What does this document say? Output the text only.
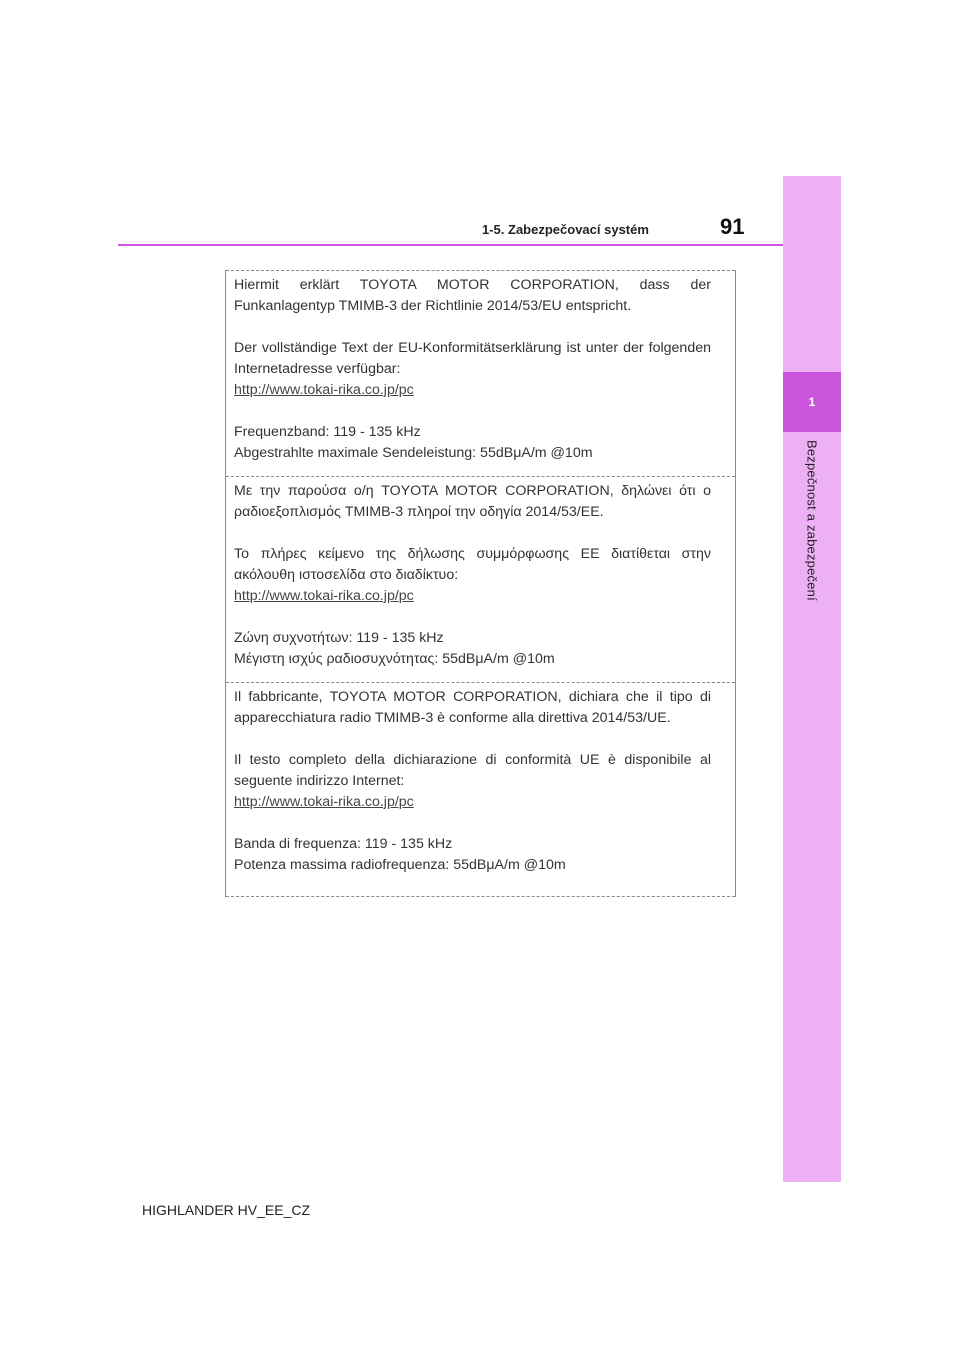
1
Bezpečnost a zabezpečení
1-5. Zabezpečovací systém	91

Hiermit erklärt TOYOTA MOTOR CORPORATION, dass der Funkanlagentyp TMIMB-3 der Richtlinie 2014/53/EU entspricht.

Der vollständige Text der EU-Konformitätserklärung ist unter der folgenden Internetadresse verfügbar:

http://www.tokai-rika.co.jp/pc
Frequenzband: 119 - 135 kHz
Abgestrahlte maximale Sendeleistung: 55dBμA/m @10m

Με την παρούσα ο/η TOYOTA MOTOR CORPORATION, δηλώνει ότι ο ραδιοεξοπλισμός TMIMB-3 πληροί την οδηγία 2014/53/ΕΕ.

Το πλήρες κείμενο της δήλωσης συμμόρφωσης ΕΕ διατίθεται στην ακόλουθη ιστοσελίδα στο διαδίκτυο:

http://www.tokai-rika.co.jp/pc
Ζώνη συχνοτήτων: 119 - 135 kHz
Μέγιστη ισχύς ραδιοσυχνότητας: 55dBμA/m @10m

Il fabbricante, TOYOTA MOTOR CORPORATION, dichiara che il tipo di apparecchiatura radio TMIMB-3 è conforme alla direttiva 2014/53/UE.

Il testo completo della dichiarazione di conformità UE è disponibile al seguente indirizzo Internet:

http://www.tokai-rika.co.jp/pc
Banda di frequenza: 119 - 135 kHz
Potenza massima radiofrequenza: 55dBμA/m @10m
HIGHLANDER HV_EE_CZ
